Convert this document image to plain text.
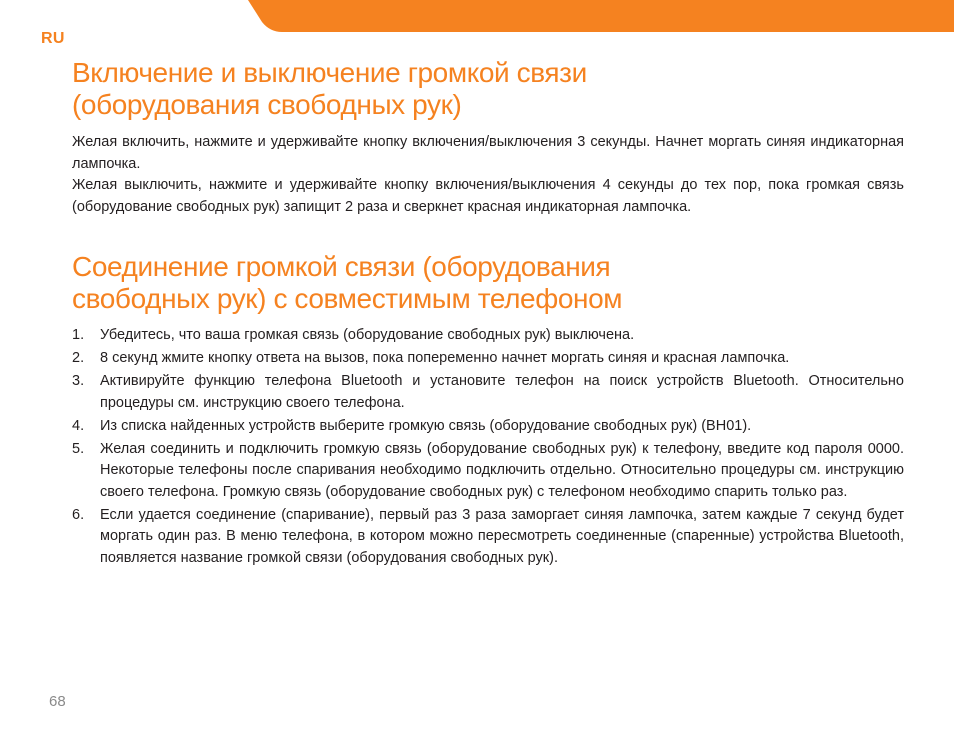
RU
Включение и выключение громкой связи
(оборудования свободных рук)

Желая включить, нажмите и удерживайте кнопку включения/выключения 3 секунды. Начнет моргать синяя индикаторная лампочка.

Желая выключить, нажмите и удерживайте кнопку включения/выключения 4 секунды до тех пор, пока громкая связь (оборудование свободных рук) запищит 2 раза и сверкнет красная индикаторная лампочка.

Соединение громкой связи (оборудования
свободных рук) с совместимым телефоном
1. Убедитесь, что ваша громкая связь (оборудование свободных рук) выключена.
2. 8 секунд жмите кнопку ответа на вызов, пока попеременно начнет моргать синяя и красная лампочка.
3. Активируйте функцию телефона Bluetooth и установите телефон на поиск устройств Bluetooth. Относительно процедуры см. инструкцию своего телефона.
4. Из списка найденных устройств выберите громкую связь (оборудование свободных рук) (BH01).
5. Желая соединить и подключить громкую связь (оборудование свободных рук) к телефону, введите код пароля 0000. Некоторые телефоны после спаривания необходимо подключить отдельно. Относительно процедуры см. инструкцию своего телефона. Громкую связь (оборудование свободных рук) с телефоном необходимо спарить только раз.
6. Если удается соединение (спаривание), первый раз 3 раза заморгает синяя лампочка, затем каждые 7 секунд будет моргать один раз. В меню телефона, в котором можно пересмотреть соединенные (спаренные) устройства Bluetooth, появляется название громкой связи (оборудования свободных рук).
68
